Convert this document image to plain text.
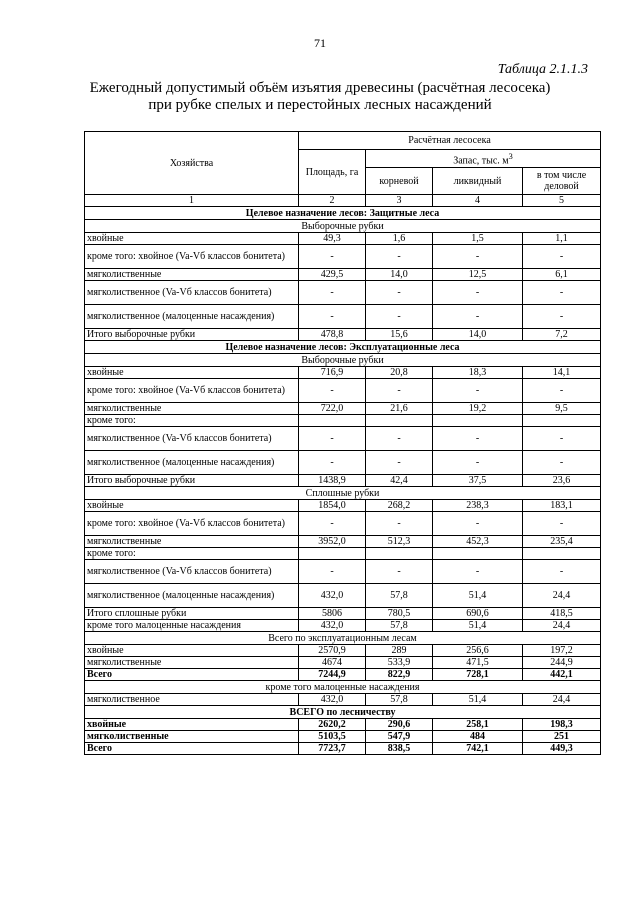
71
Таблица 2.1.1.3
Ежегодный допустимый объём изъятия древесины (расчётная лесосека)
при рубке спелых и перестойных лесных насаждений
Хозяйства	Расчётная лесосека			
	Площадь, га	Запас, тыс. $м^3$
		корневой	ликвидный	в том числе деловой
1	2	3	4	5
Целевое назначение лесов: Защитные леса				
Выборочные рубки				
хвойные	49,3	1,6	1,5	1,1
кроме того: хвойное (Va-Vб классов бонитета)	-	-	-	-
мягколиственные	429,5	14,0	12,5	6,1
мягколиственное (Va-Vб классов бонитета)	-	-	-	-
мягколиственное (малоценные насаждения)	-	-	-	-
Итого выборочные рубки	478,8	15,6	14,0	7,2
Целевое назначение лесов: Эксплуатационные леса				
Выборочные рубки				
хвойные	716,9	20,8	18,3	14,1
кроме того: хвойное (Va-Vб классов бонитета)	-	-	-	-
мягколиственные	722,0	21,6	19,2	9,5
кроме того:				
мягколиственное (Va-Vб классов бонитета)	-	-	-	-
мягколиственное (малоценные насаждения)	-	-	-	-
Итого выборочные рубки	1438,9	42,4	37,5	23,6
Сплошные рубки				
хвойные	1854,0	268,2	238,3	183,1
кроме того: хвойное (Va-Vб классов бонитета)	-	-	-	-
мягколиственные	3952,0	512,3	452,3	235,4
кроме того:				
мягколиственное (Va-Vб классов бонитета)	-	-	-	-
мягколиственное (малоценные насаждения)	432,0	57,8	51,4	24,4
Итого сплошные рубки	5806	780,5	690,6	418,5
кроме того малоценные насаждения	432,0	57,8	51,4	24,4
Всего по эксплуатационным лесам				
хвойные	2570,9	289	256,6	197,2
мягколиственные	4674	533,9	471,5	244,9
Всего	7244,9	822,9	728,1	442,1
кроме того малоценные насаждения				
мягколиственное	432,0	57,8	51,4	24,4
ВСЕГО по лесничеству				
хвойные	2620,2	290,6	258,1	198,3
мягколиственные	5103,5	547,9	484	251
Всего	7723,7	838,5	742,1	449,3
